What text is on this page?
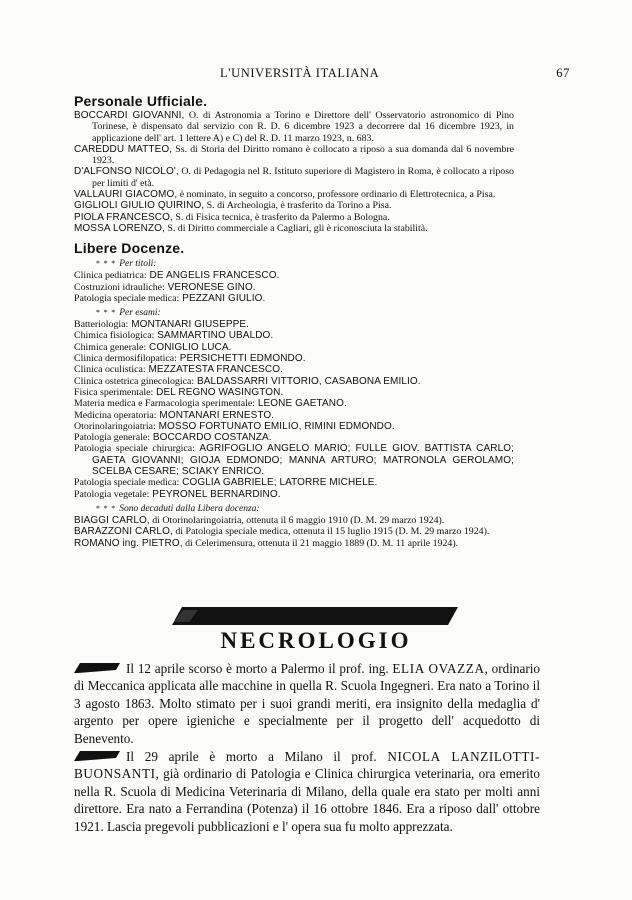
L'UNIVERSITÀ ITALIANA	67
Personale Ufficiale.

BOCCARDI GIOVANNI, O. di Astronomia a Torino e Direttore dell' Osservatorio astronomico di Pino Torinese, è dispensato dal servizio con R. D. 6 dicembre 1923 a decorrere dal 16 dicembre 1923, in applicazione dell' art. 1 lettere A) e C) del R. D. 11 marzo 1923, n. 683.

CAREDDU MATTEO, Ss. di Storia del Diritto romano è collocato a riposo a sua domanda dal 6 novembre 1923.

D'ALFONSO NICOLO', O. di Pedagogia nel R. Istituto superiore di Magistero in Roma, è collocato a riposo per limiti d' età.

VALLAURI GIACOMO, è nominato, in seguito a concorso, professore ordinario di Elettrotecnica, a Pisa.

GIGLIOLI GIULIO QUIRINO, S. di Archeologia, è trasferito da Torino a Pisa.

PIOLA FRANCESCO, S. di Fisica tecnica, è trasferito da Palermo a Bologna.

MOSSA LORENZO, S. di Diritto commerciale a Cagliari, gli è riconosciuta la stabilità.

Libere Docenze.
* * * Per titoli:

Clinica pediatrica: DE ANGELIS FRANCESCO.

Costruzioni idrauliche: VERONESE GINO.

Patologia speciale medica: PEZZANI GIULIO.

* * * Per esami:

Batteriologia: MONTANARI GIUSEPPE.

Chimica fisiologica: SAMMARTINO UBALDO.

Chimica generale: CONIGLIO LUCA.

Clinica dermosifilopatica: PERSICHETTI EDMONDO.

Clinica oculistica: MEZZATESTA FRANCESCO.

Clinica ostetrica ginecologica: BALDASSARRI VITTORIO, CASABONA EMILIO.

Fisica sperimentale: DEL REGNO WASINGTON.

Materia medica e Farmacologia sperimentale: LEONE GAETANO.

Medicina operatoria: MONTANARI ERNESTO.

Otorinolaringoiatria: MOSSO FORTUNATO EMILIO, RIMINI EDMONDO.

Patologia generale: BOCCARDO COSTANZA.

Patologia speciale chirurgica: AGRIFOGLIO ANGELO MARIO; FULLE GIOV. BATTISTA CARLO; GAETA GIOVANNI; GIOJA EDMONDO; MANNA ARTURO; MATRONOLA GEROLAMO; SCELBA CESARE; SCIAKY ENRICO.

Patologia speciale medica: COGLIA GABRIELE; LATORRE MICHELE.

Patologia vegetale: PEYRONEL BERNARDINO.

* * * Sono decaduti dalla Libera docenza:

BIAGGI CARLO, di Otorinolaringoiatria, ottenuta il 6 maggio 1910 (D. M. 29 marzo 1924).

BARAZZONI CARLO, di Patologia speciale medica, ottenuta il 15 luglio 1915 (D. M. 29 marzo 1924).

ROMANO ing. PIETRO, di Celerimensura, ottenuta il 21 maggio 1889 (D. M. 11 aprile 1924).

NECROLOGIO

Il 12 aprile scorso è morto a Palermo il prof. ing. ELIA OVAZZA, ordinario di Meccanica applicata alle macchine in quella R. Scuola Ingegneri. Era nato a Torino il 3 agosto 1863. Molto stimato per i suoi grandi meriti, era insignito della medaglia d' argento per opere igieniche e specialmente per il progetto dell' acquedotto di Benevento.

Il 29 aprile è morto a Milano il prof. NICOLA LANZILOTTI-BUONSANTI, già ordinario di Patologia e Clinica chirurgica veterinaria, ora emerito nella R. Scuola di Medicina Veterinaria di Milano, della quale era stato per molti anni direttore. Era nato a Ferrandina (Potenza) il 16 ottobre 1846. Era a riposo dall' ottobre 1921. Lascia pregevoli pubblicazioni e l' opera sua fu molto apprezzata.
